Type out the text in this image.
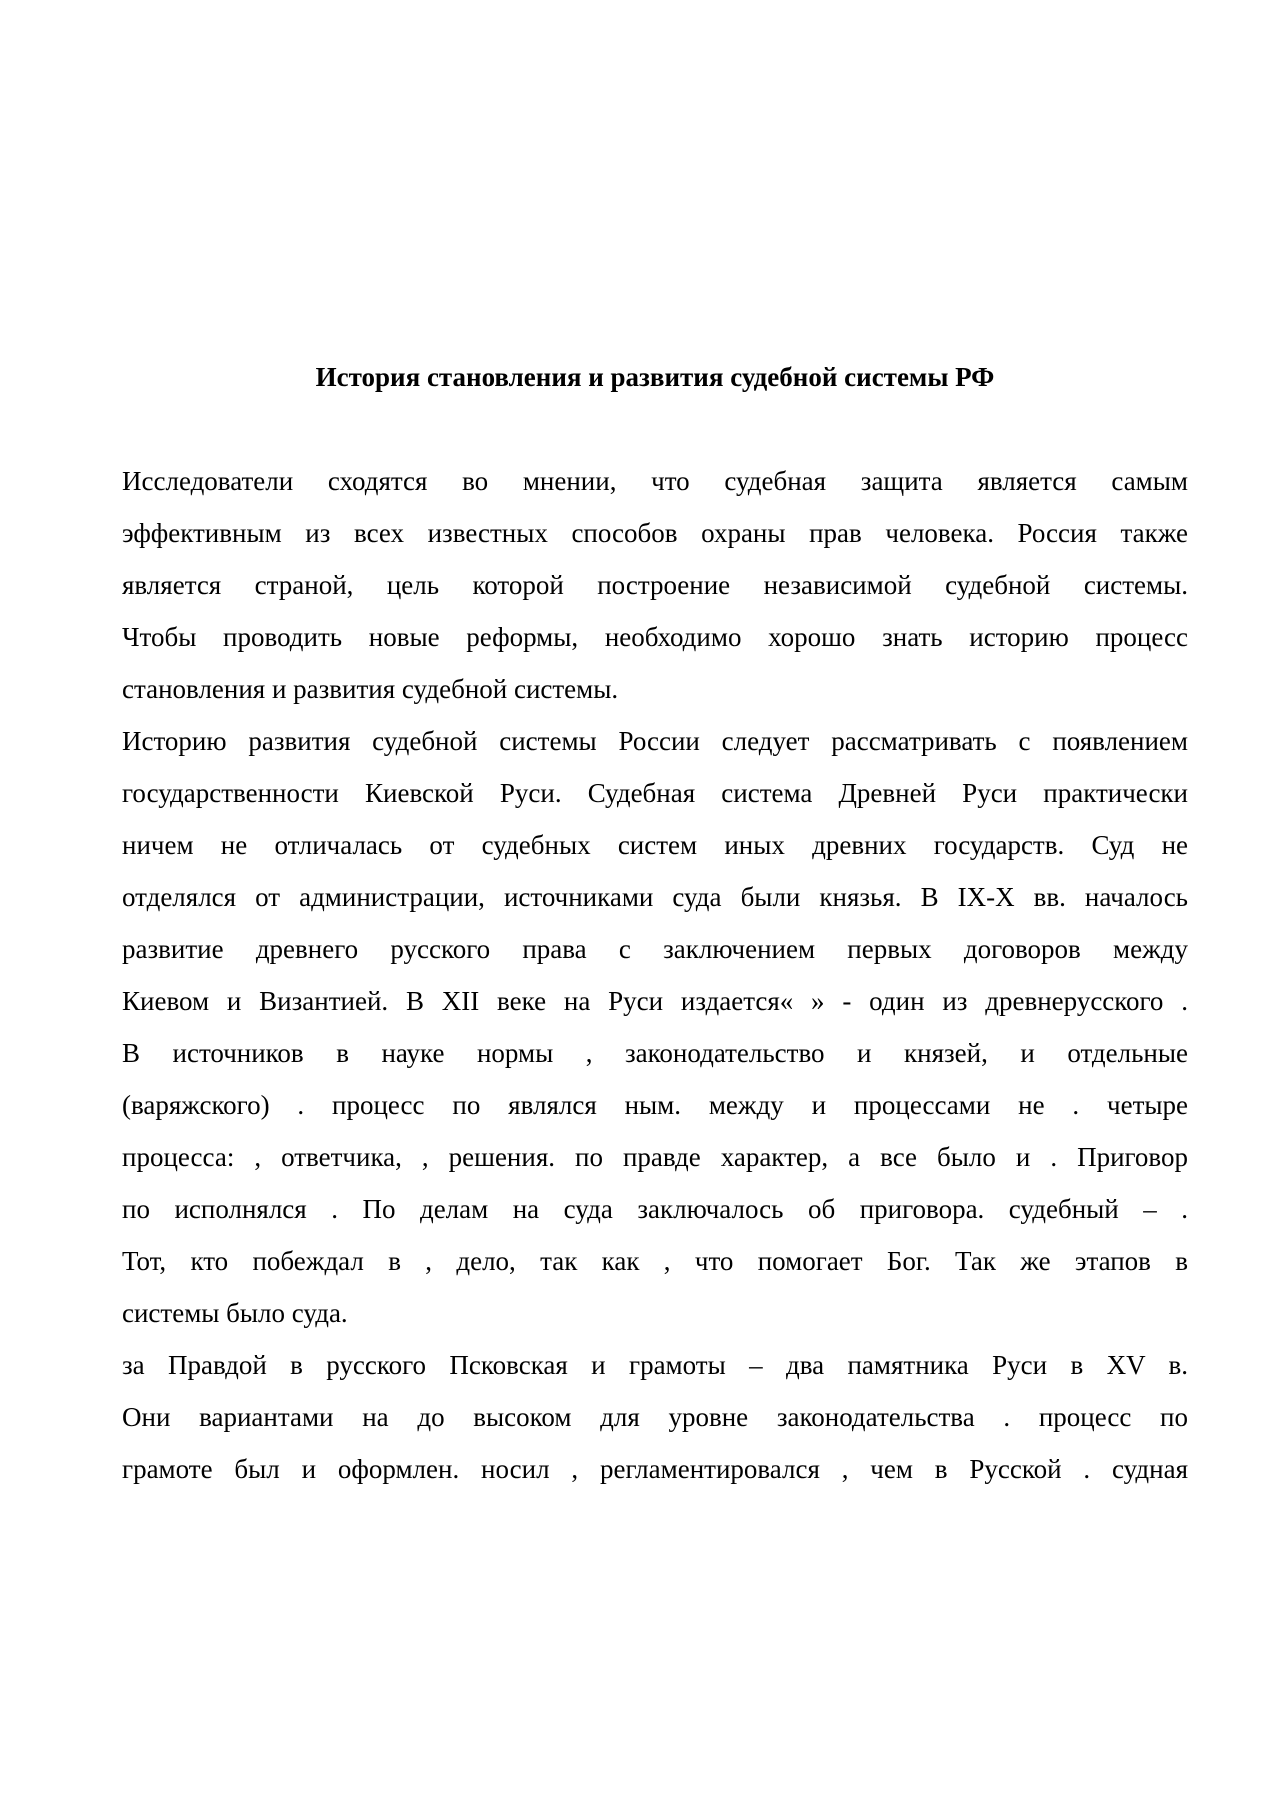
История становления и развития судебной системы РФ
Исследователи сходятся во мнении, что судебная защита является самым
эффективным из всех известных способов охраны прав человека. Россия также
является страной, цель которой построение независимой судебной системы.
Чтобы проводить новые реформы, необходимо хорошо знать историю процесс
становления и развития судебной системы.
Историю развития судебной системы России следует рассматривать с появлением
государственности Киевской Руси. Судебная система Древней Руси практически
ничем не отличалась от судебных систем иных древних государств. Суд не
отделялся от администрации, источниками суда были князья. В IX-X вв. началось
развитие древнего русского права с заключением первых договоров между
Киевом и Византией. В XII веке на Руси издается« » - один из древнерусского .
В источников в науке нормы , законодательство и князей, и отдельные
(варяжского) . процесс по являлся ным. между и процессами не . четыре
процесса: , ответчика, , решения. по правде характер, а все было и . Приговор
по исполнялся . По делам на суда заключалось об приговора. судебный – .
Тот, кто побеждал в , дело, так как , что помогает Бог. Так же этапов в
системы было суда.
за Правдой в русского Псковская и грамоты – два памятника Руси в XV в.
Они вариантами на до высоком для уровне законодательства . процесс по
грамоте был и оформлен. носил , регламентировался , чем в Русской . судная
